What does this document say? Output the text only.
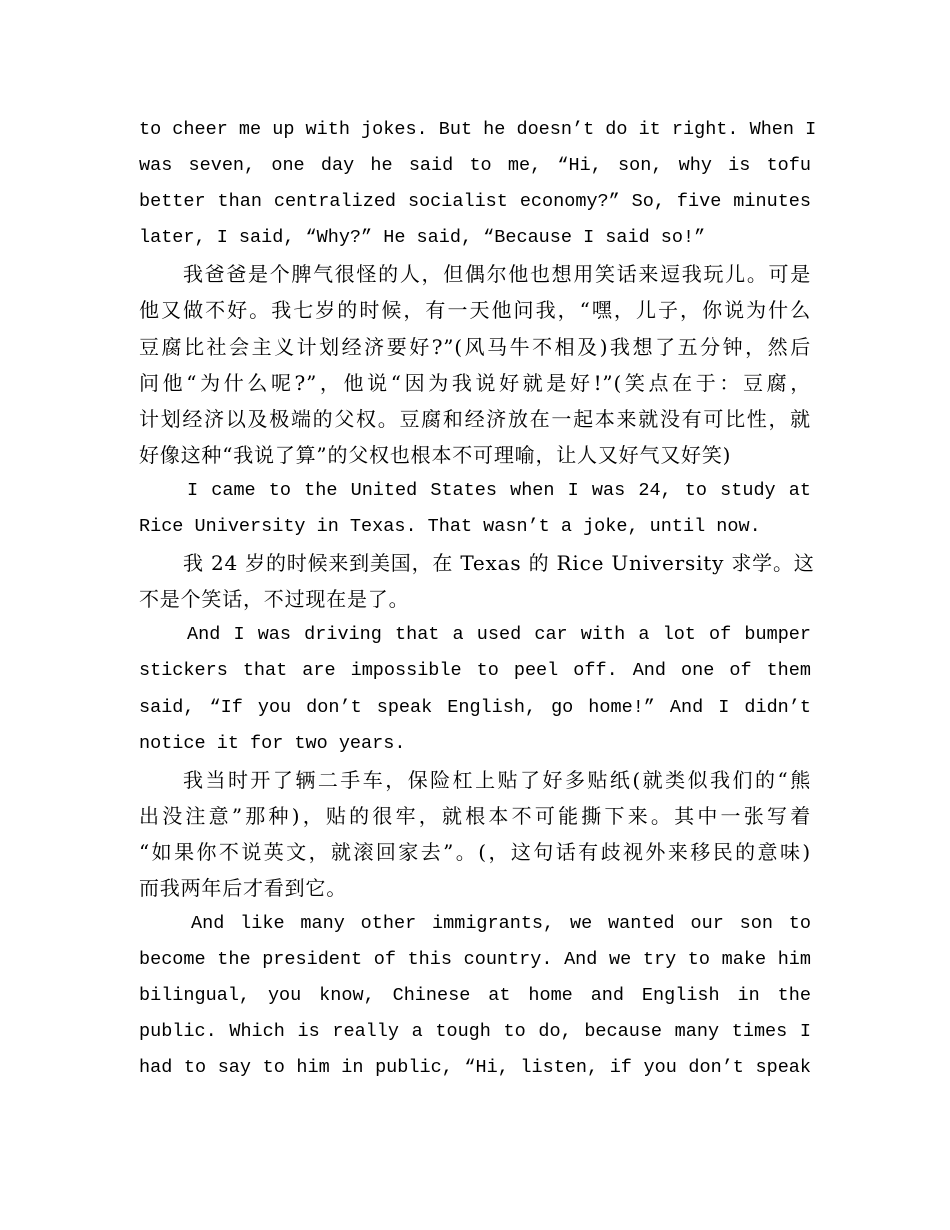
to cheer me up with jokes. But he doesn’t do it right. When I
was seven, one day he said to me, “Hi, son, why is tofu
better than centralized socialist economy?” So, five minutes
later, I said, “Why?” He said, “Because I said so!”
我爸爸是个脾气很怪的人，但偶尔他也想用笑话来逗我玩儿。可是
他又做不好。我七岁的时候，有一天他问我，“嘿，儿子，你说为什么
豆腐比社会主义计划经济要好?”(风马牛不相及)我想了五分钟，然后
问他“为什么呢?”，他说“因为我说好就是好!”(笑点在于：豆腐，
计划经济以及极端的父权。豆腐和经济放在一起本来就没有可比性，就
好像这种“我说了算”的父权也根本不可理喻，让人又好气又好笑)
I came to the United States when I was 24, to study at
Rice University in Texas. That wasn’t a joke, until now.
我 24 岁的时候来到美国，在 Texas 的 Rice University 求学。这
不是个笑话，不过现在是了。
And I was driving that a used car with a lot of bumper
stickers that are impossible to peel off. And one of them
said, “If you don’t speak English, go home!” And I didn’t
notice it for two years.
我当时开了辆二手车，保险杠上贴了好多贴纸(就类似我们的“熊
出没注意”那种)，贴的很牢，就根本不可能撕下来。其中一张写着
“如果你不说英文，就滚回家去”。(，这句话有歧视外来移民的意味)
而我两年后才看到它。
And like many other immigrants, we wanted our son to
become the president of this country. And we try to make him
bilingual, you know, Chinese at home and English in the
public. Which is really a tough to do, because many times I
had to say to him in public, “Hi, listen, if you don’t speak
